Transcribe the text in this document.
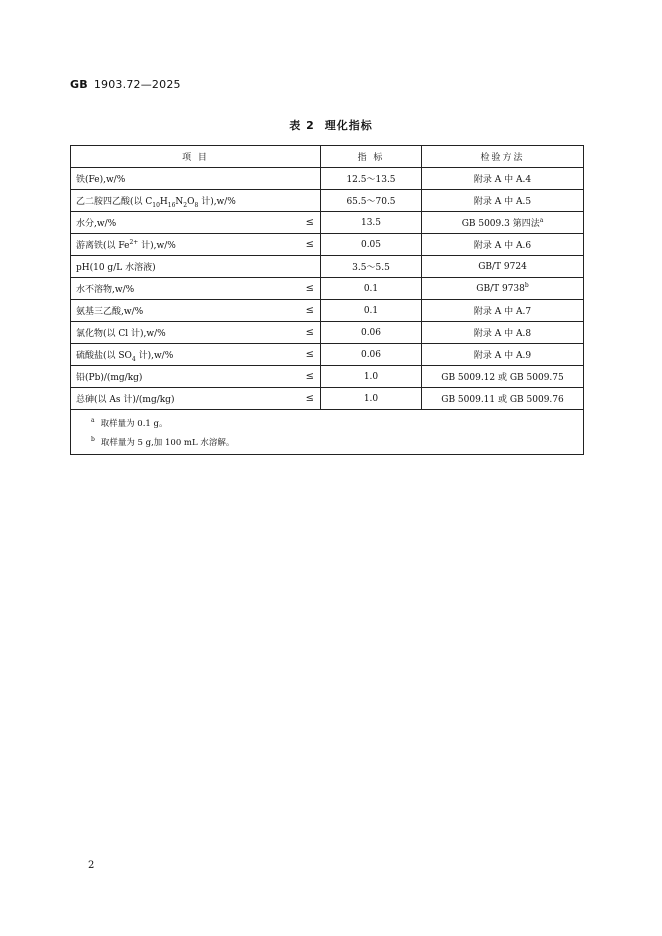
GB 1903.72—2025
表 2 理化指标
项 目	指 标	检验方法

铁(Fe),w/%	12.5～13.5	附录 A 中 A.4

乙二胺四乙酸(以 $C_{10}H_{16}N_2O_8$ 计),w/%	65.5～70.5	附录 A 中 A.5

水分,w/% ≤	13.5	GB 5009.3 第四法$^a$

游离铁(以 $Fe^{2+}$ 计),w/% ≤	0.05	附录 A 中 A.6

pH(10 g/L 水溶液)	3.5～5.5	GB/T 9724

水不溶物,w/% ≤	0.1	GB/T 9738$^b$

氨基三乙酸,w/% ≤	0.1	附录 A 中 A.7

氯化物(以 Cl 计),w/% ≤	0.06	附录 A 中 A.8

硫酸盐(以 $SO_4$ 计),w/% ≤	0.06	附录 A 中 A.9

铅(Pb)/(mg/kg) ≤	1.0	GB 5009.12 或 GB 5009.75

总砷(以 As 计)/(mg/kg) ≤	1.0	GB 5009.11 或 GB 5009.76

$^a$ 取样量为 0.1 g。
$^b$ 取样量为 5 g,加 100 mL 水溶解。		
2
